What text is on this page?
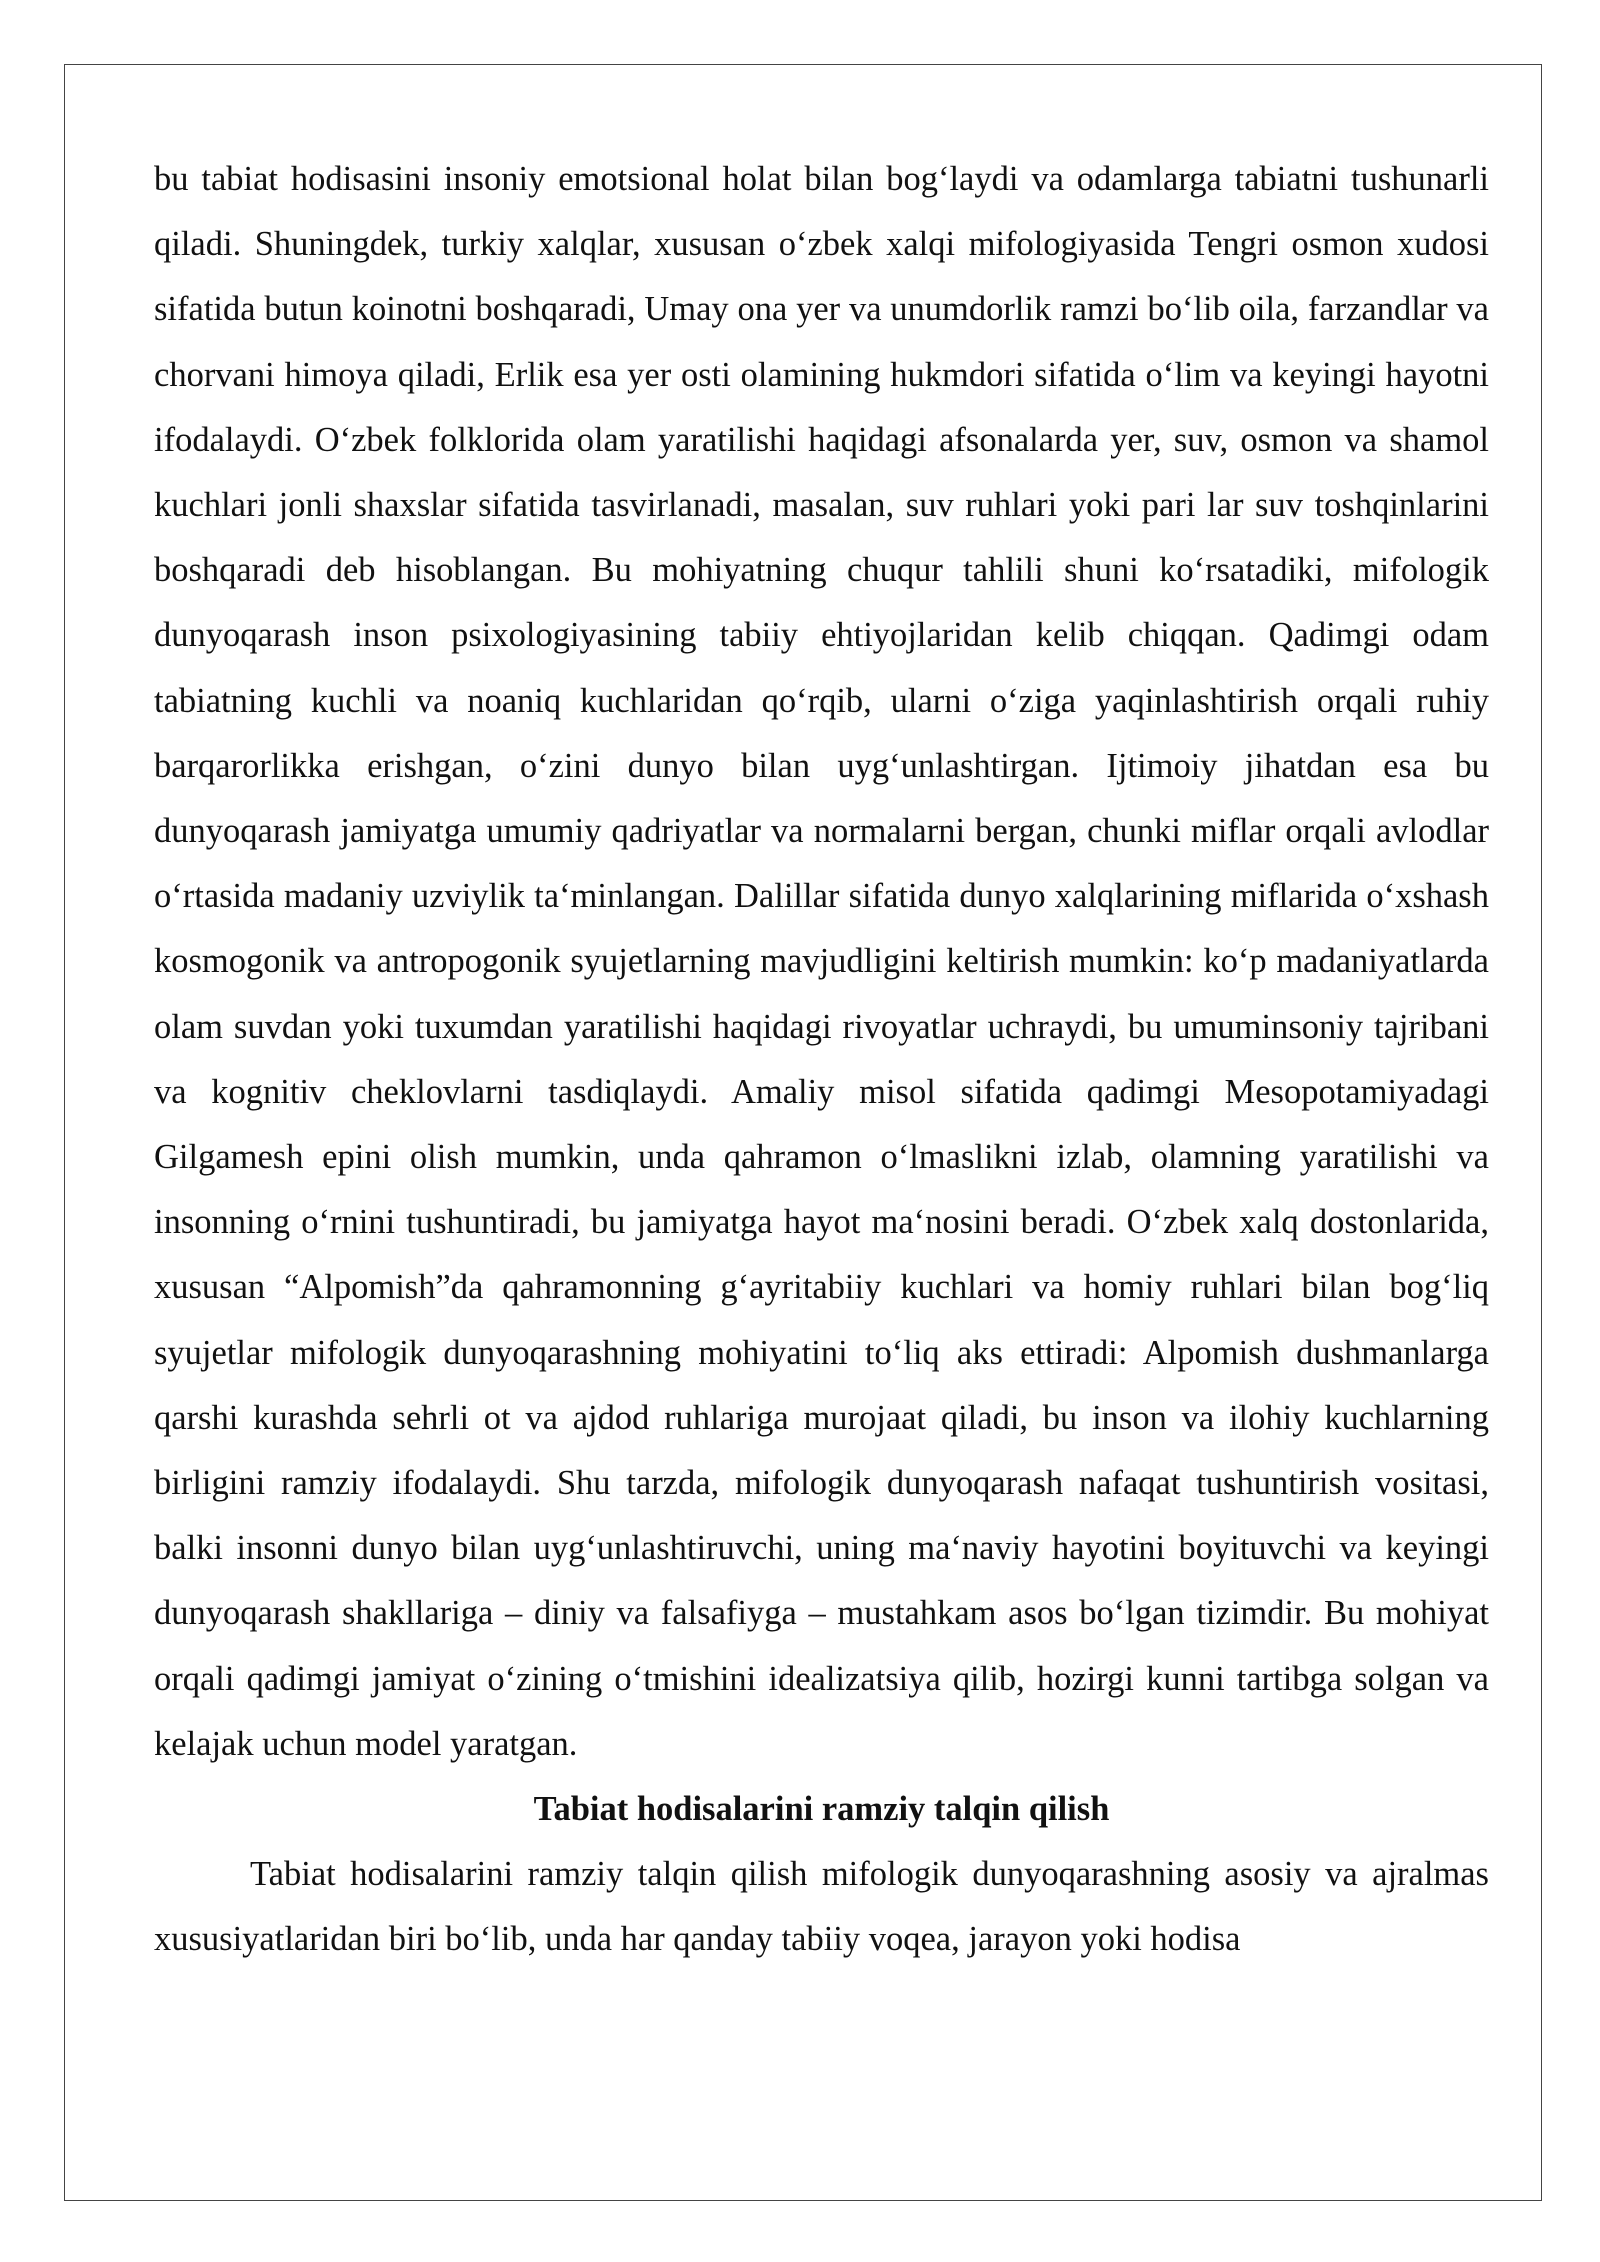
bu tabiat hodisasini insoniy emotsional holat bilan bog‘laydi va odamlarga tabiatni tushunarli qiladi. Shuningdek, turkiy xalqlar, xususan o‘zbek xalqi mifologiyasida Tengri osmon xudosi sifatida butun koinotni boshqaradi, Umay ona yer va unumdorlik ramzi bo‘lib oila, farzandlar va chorvani himoya qiladi, Erlik esa yer osti olamining hukmdori sifatida o‘lim va keyingi hayotni ifodalaydi. O‘zbek folklorida olam yaratilishi haqidagi afsonalarda yer, suv, osmon va shamol kuchlari jonli shaxslar sifatida tasvirlanadi, masalan, suv ruhlari yoki pari lar suv toshqinlarini boshqaradi deb hisoblangan. Bu mohiyatning chuqur tahlili shuni ko‘rsatadiki, mifologik dunyoqarash inson psixologiyasining tabiiy ehtiyojlaridan kelib chiqqan. Qadimgi odam tabiatning kuchli va noaniq kuchlaridan qo‘rqib, ularni o‘ziga yaqinlashtirish orqali ruhiy barqarorlikka erishgan, o‘zini dunyo bilan uyg‘unlashtirgan. Ijtimoiy jihatdan esa bu dunyoqarash jamiyatga umumiy qadriyatlar va normalarni bergan, chunki miflar orqali avlodlar o‘rtasida madaniy uzviylik ta‘minlangan. Dalillar sifatida dunyo xalqlarining miflarida o‘xshash kosmogonik va antropogonik syujetlarning mavjudligini keltirish mumkin: ko‘p madaniyatlarda olam suvdan yoki tuxumdan yaratilishi haqidagi rivoyatlar uchraydi, bu umuminsoniy tajribani va kognitiv cheklovlarni tasdiqlaydi. Amaliy misol sifatida qadimgi Mesopotamiyadagi Gilgamesh epini olish mumkin, unda qahramon o‘lmaslikni izlab, olamning yaratilishi va insonning o‘rnini tushuntiradi, bu jamiyatga hayot ma‘nosini beradi. O‘zbek xalq dostonlarida, xususan “Alpomish”da qahramonning g‘ayritabiiy kuchlari va homiy ruhlari bilan bog‘liq syujetlar mifologik dunyoqarashning mohiyatini to‘liq aks ettiradi: Alpomish dushmanlarga qarshi kurashda sehrli ot va ajdod ruhlariga murojaat qiladi, bu inson va ilohiy kuchlarning birligini ramziy ifodalaydi. Shu tarzda, mifologik dunyoqarash nafaqat tushuntirish vositasi, balki insonni dunyo bilan uyg‘unlashtiruvchi, uning ma‘naviy hayotini boyituvchi va keyingi dunyoqarash shakllariga – diniy va falsafiyga – mustahkam asos bo‘lgan tizimdir. Bu mohiyat orqali qadimgi jamiyat o‘zining o‘tmishini idealizatsiya qilib, hozirgi kunni tartibga solgan va kelajak uchun model yaratgan.

Tabiat hodisalarini ramziy talqin qilish

Tabiat hodisalarini ramziy talqin qilish mifologik dunyoqarashning asosiy va ajralmas xususiyatlaridan biri bo‘lib, unda har qanday tabiiy voqea, jarayon yoki hodisa
